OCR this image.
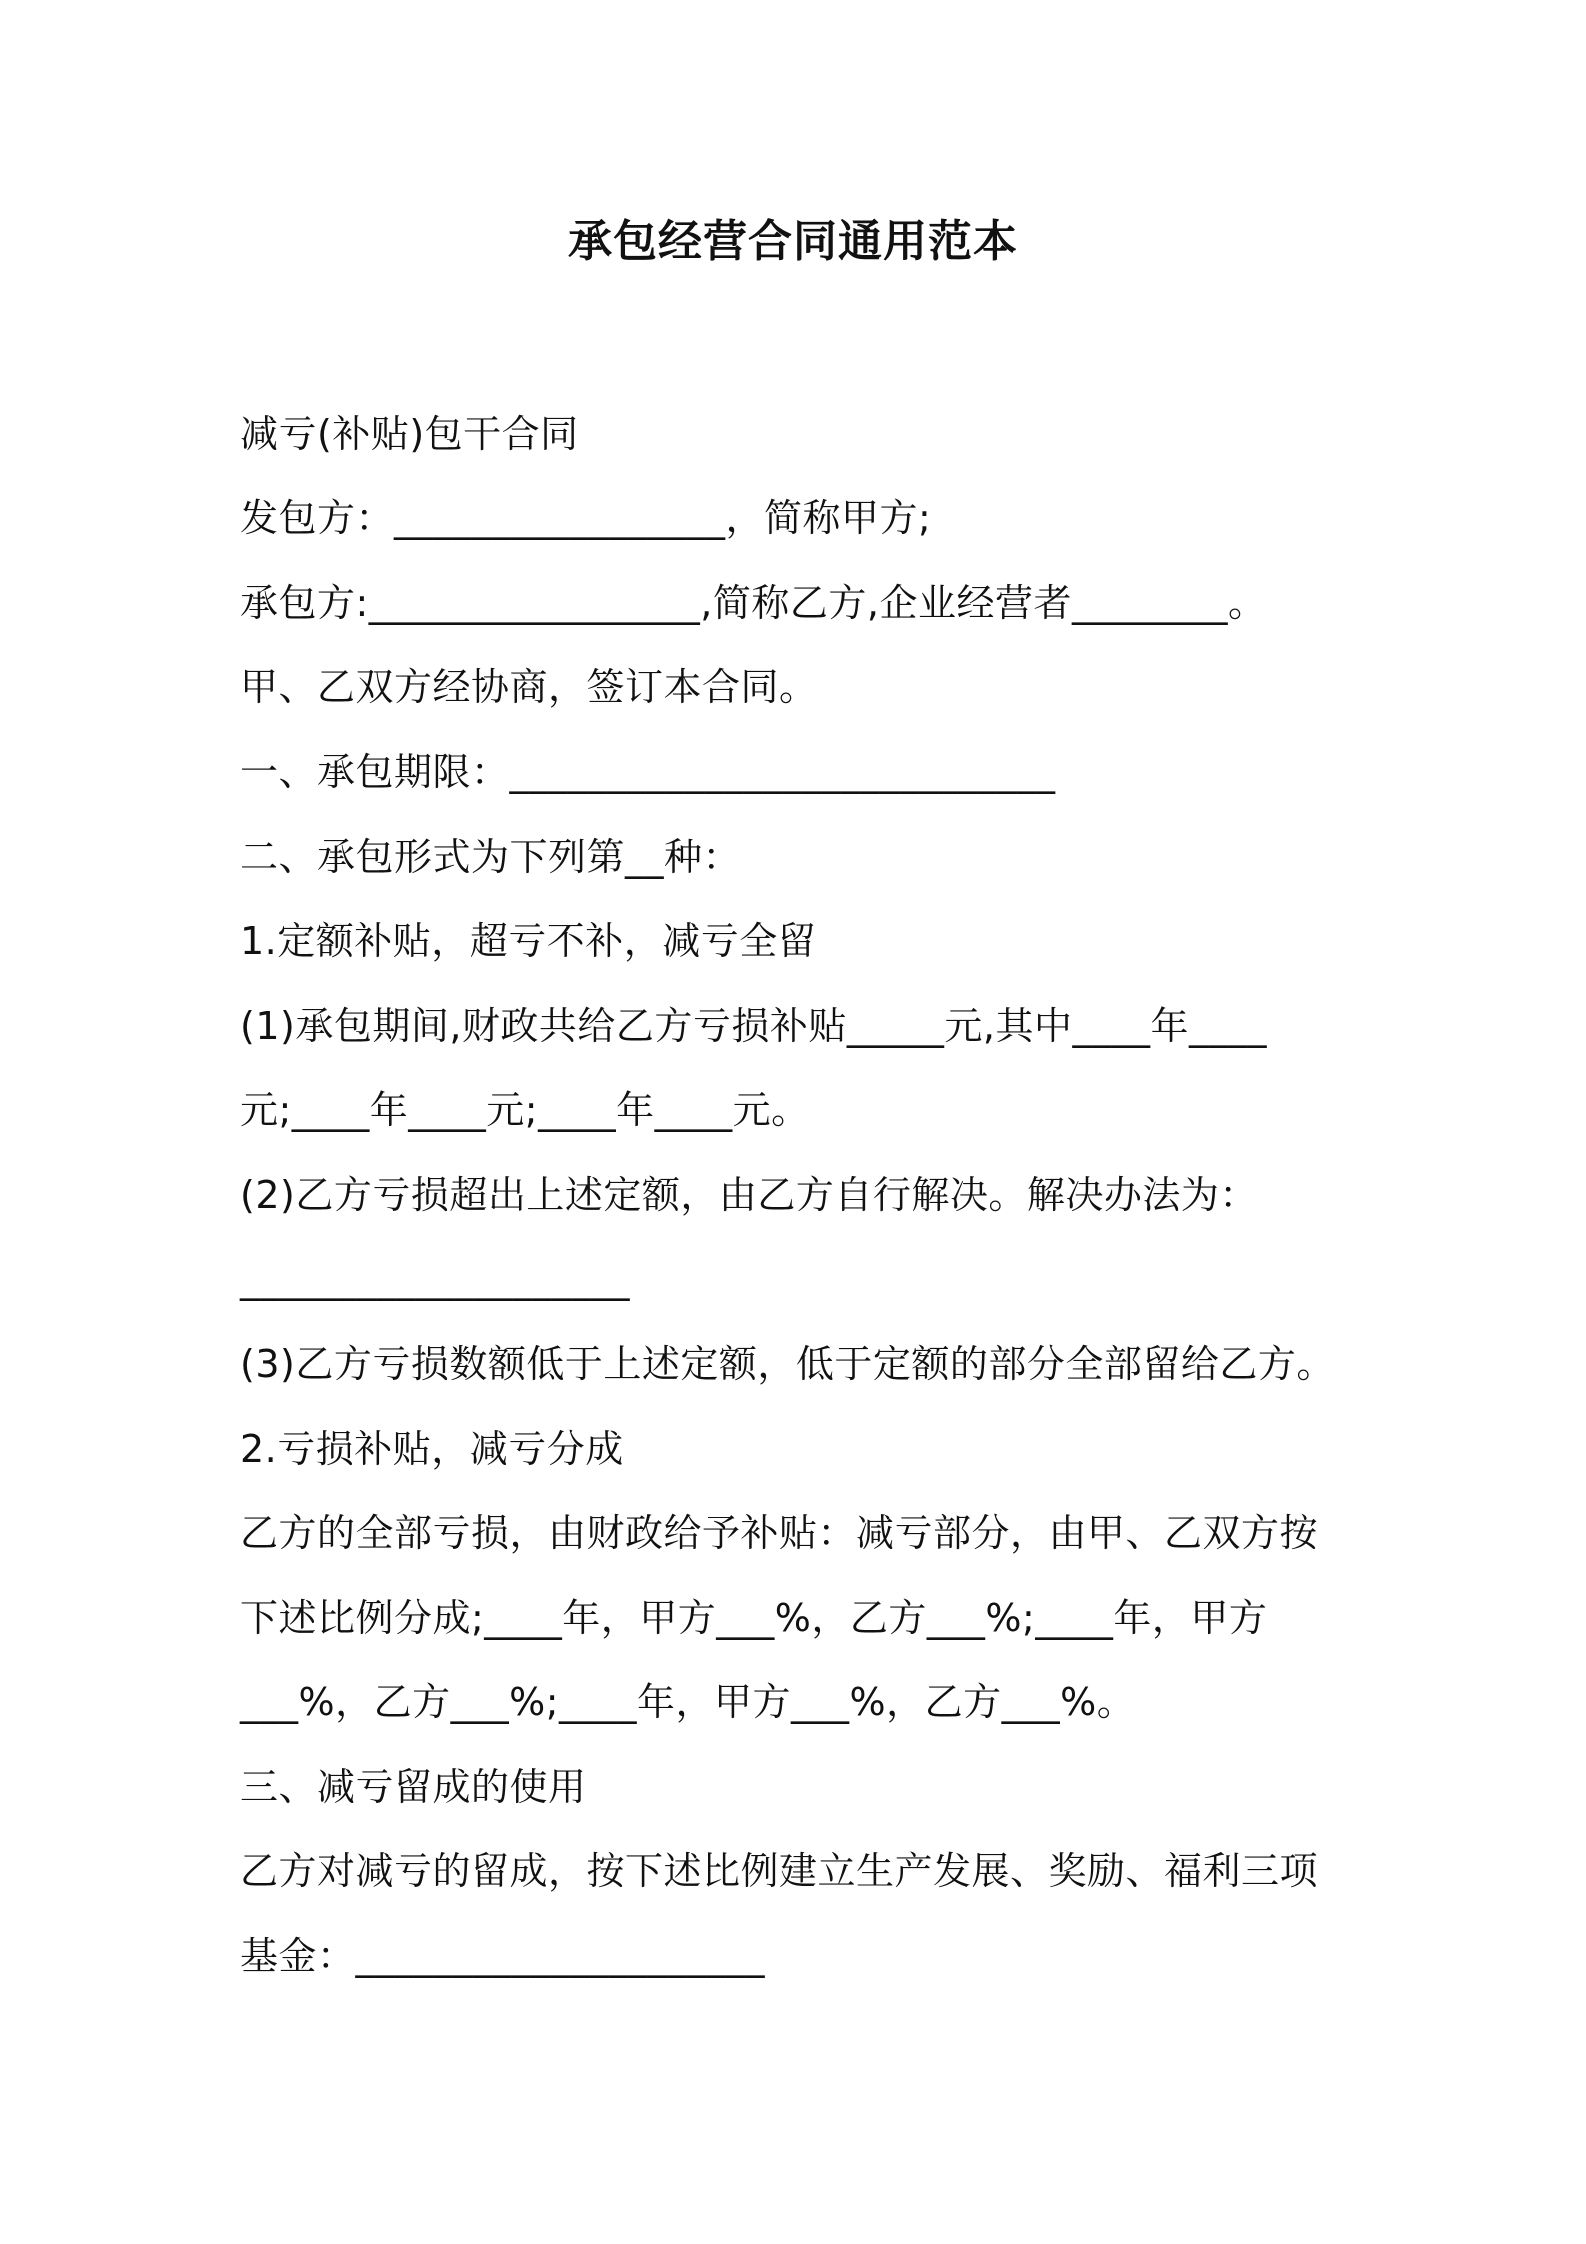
承包经营合同通用范本

减亏(补贴)包干合同

发包方：_________________，简称甲方;

承包方:_________________,简称乙方,企业经营者________。

甲、乙双方经协商，签订本合同。

一、承包期限：____________________________

二、承包形式为下列第__种：

1.定额补贴，超亏不补，减亏全留

(1)承包期间,财政共给乙方亏损补贴_____元,其中____年____

元;____年____元;____年____元。

(2)乙方亏损超出上述定额，由乙方自行解决。解决办法为：

____________________

(3)乙方亏损数额低于上述定额，低于定额的部分全部留给乙方。

2.亏损补贴，减亏分成

乙方的全部亏损，由财政给予补贴：减亏部分，由甲、乙双方按

下述比例分成;____年，甲方___%，乙方___%;____年，甲方

___%，乙方___%;____年，甲方___%，乙方___%。

三、减亏留成的使用

乙方对减亏的留成，按下述比例建立生产发展、奖励、福利三项

基金：_____________________
